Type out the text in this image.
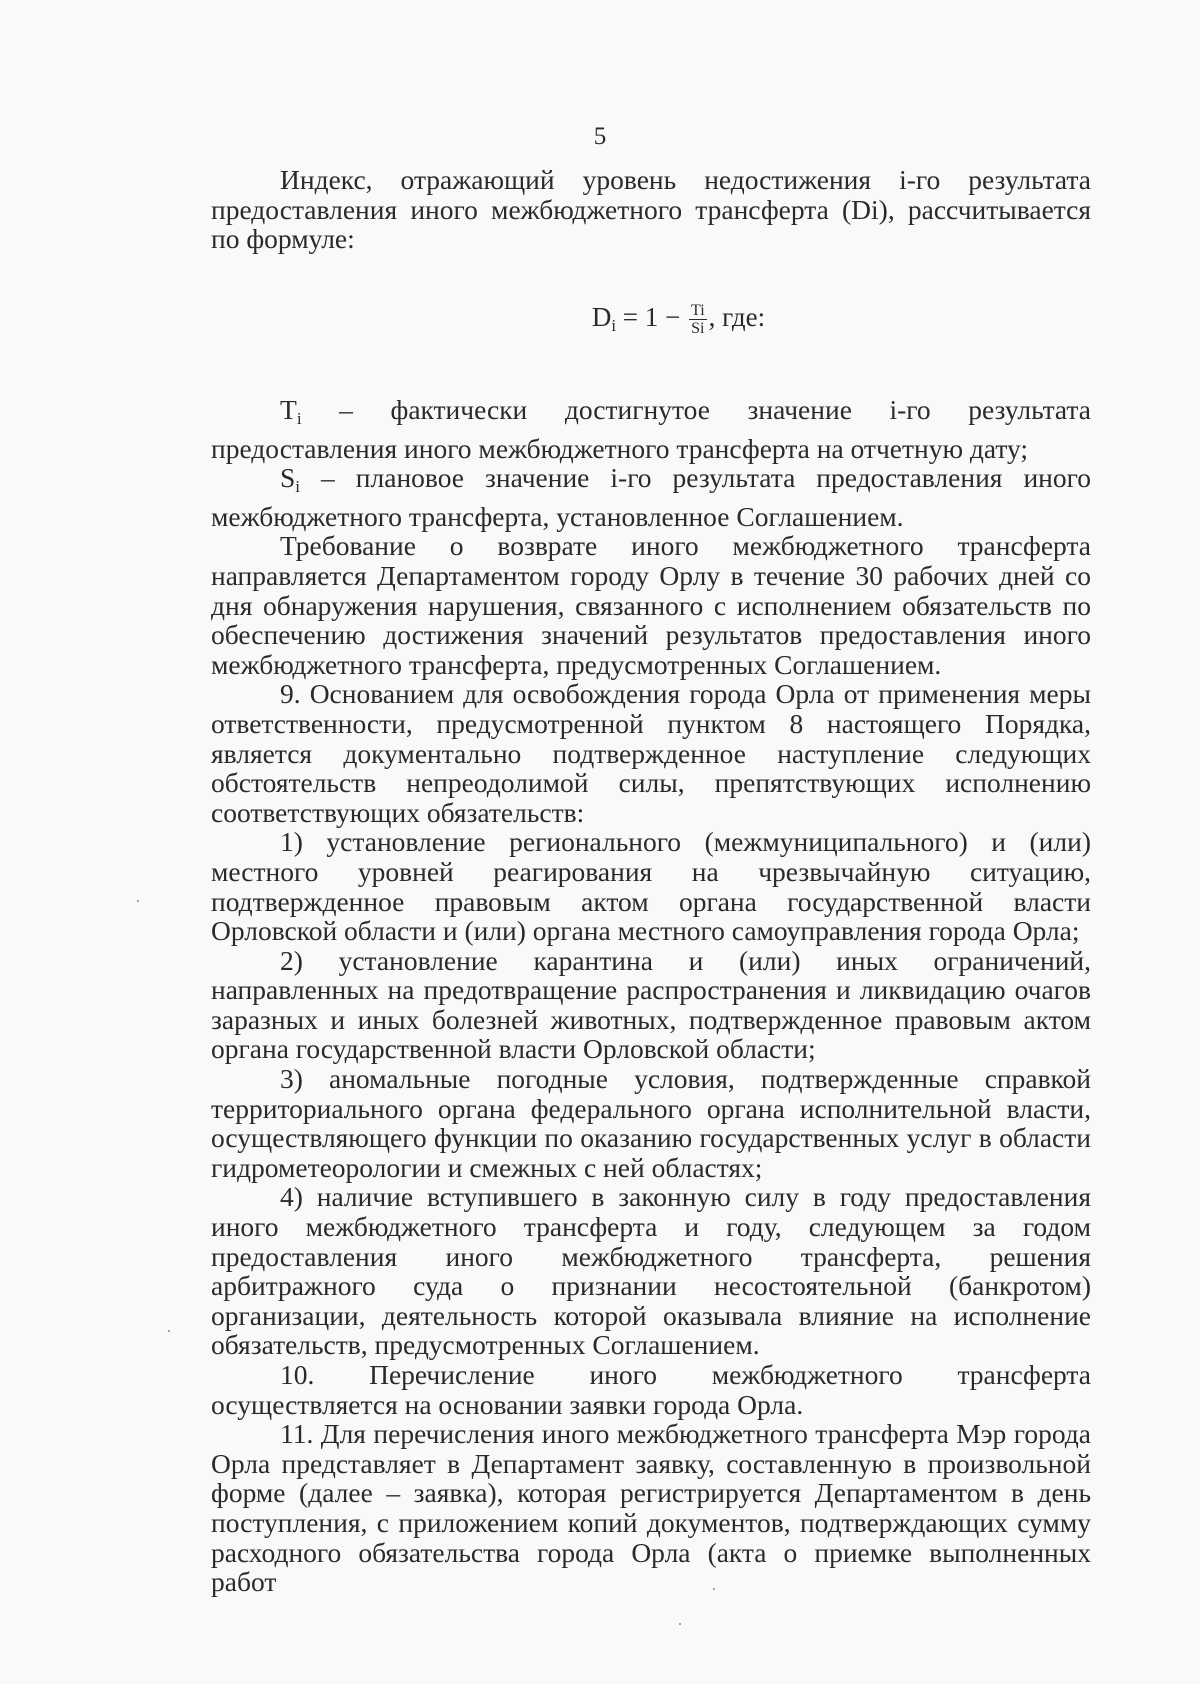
5

Индекс, отражающий уровень недостижения i-го результата предоставления иного межбюджетного трансферта (Di), рассчитывается по формуле:

$D_i = 1 - \frac{Ti}{Si}$ , где:

$T_i$ – фактически достигнутое значение i-го результата предоставления иного межбюджетного трансферта на отчетную дату;

$S_i$ – плановое значение i-го результата предоставления иного межбюджетного трансферта, установленное Соглашением.

Требование о возврате иного межбюджетного трансферта направляется Департаментом городу Орлу в течение 30 рабочих дней со дня обнаружения нарушения, связанного с исполнением обязательств по обеспечению достижения значений результатов предоставления иного межбюджетного трансферта, предусмотренных Соглашением.

9. Основанием для освобождения города Орла от применения меры ответственности, предусмотренной пунктом 8 настоящего Порядка, является документально подтвержденное наступление следующих обстоятельств непреодолимой силы, препятствующих исполнению соответствующих обязательств:

1) установление регионального (межмуниципального) и (или) местного уровней реагирования на чрезвычайную ситуацию, подтвержденное правовым актом органа государственной власти Орловской области и (или) органа местного самоуправления города Орла;

2) установление карантина и (или) иных ограничений, направленных на предотвращение распространения и ликвидацию очагов заразных и иных болезней животных, подтвержденное правовым актом органа государственной власти Орловской области;

3) аномальные погодные условия, подтвержденные справкой территориального органа федерального органа исполнительной власти, осуществляющего функции по оказанию государственных услуг в области гидрометеорологии и смежных с ней областях;

4) наличие вступившего в законную силу в году предоставления иного межбюджетного трансферта и году, следующем за годом предоставления иного межбюджетного трансферта, решения арбитражного суда о признании несостоятельной (банкротом) организации, деятельность которой оказывала влияние на исполнение обязательств, предусмотренных Соглашением.

10. Перечисление иного межбюджетного трансферта осуществляется на основании заявки города Орла.

11. Для перечисления иного межбюджетного трансферта Мэр города Орла представляет в Департамент заявку, составленную в произвольной форме (далее – заявка), которая регистрируется Департаментом в день поступления, с приложением копий документов, подтверждающих сумму расходного обязательства города Орла (акта о приемке выполненных работ
